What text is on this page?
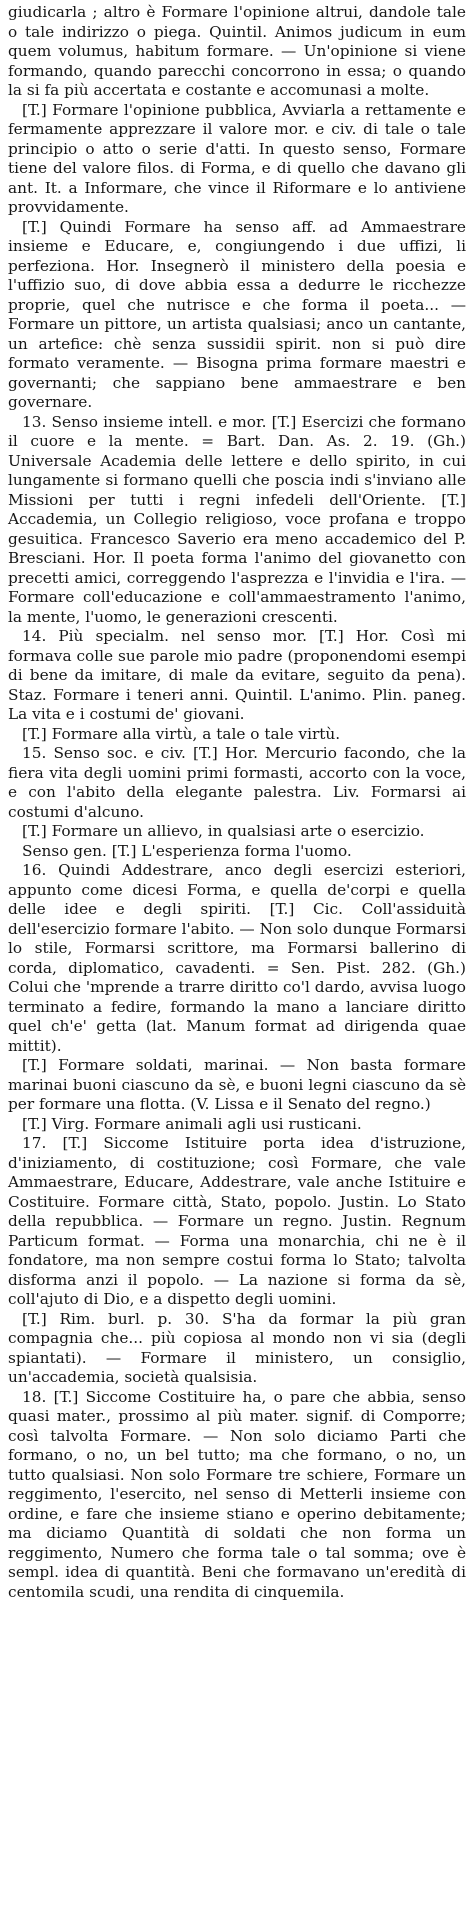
giudicarla ; altro è Formare l'opinione altrui, dandole tale o tale indirizzo o piega. Quintil. Animos judicum in eum quem volumus, habitum formare. — Un'opinione si viene formando, quando parecchi concorrono in essa; o quando la si fa più accertata e costante e accomunasi a molte.

[T.] Formare l'opinione pubblica, Avviarla a rettamente e fermamente apprezzare il valore mor. e civ. di tale o tale principio o atto o serie d'atti. In questo senso, Formare tiene del valore filos. di Forma, e di quello che davano gli ant. It. a Informare, che vince il Riformare e lo antiviene provvidamente.

[T.] Quindi Formare ha senso aff. ad Ammaestrare insieme e Educare, e, congiungendo i due uffizi, li perfeziona. Hor. Insegnerò il ministero della poesia e l'uffizio suo, di dove abbia essa a dedurre le ricchezze proprie, quel che nutrisce e che forma il poeta... — Formare un pittore, un artista qualsiasi; anco un cantante, un artefice: chè senza sussidii spirit. non si può dire formato veramente. — Bisogna prima formare maestri e governanti; che sappiano bene ammaestrare e ben governare.

13. Senso insieme intell. e mor. [T.] Esercizi che formano il cuore e la mente. = Bart. Dan. As. 2. 19. (Gh.) Universale Academia delle lettere e dello spirito, in cui lungamente si formano quelli che poscia indi s'inviano alle Missioni per tutti i regni infedeli dell'Oriente. [T.] Accademia, un Collegio religioso, voce profana e troppo gesuitica. Francesco Saverio era meno accademico del P. Bresciani. Hor. Il poeta forma l'animo del giovanetto con precetti amici, correggendo l'asprezza e l'invidia e l'ira. — Formare coll'educazione e coll'ammaestramento l'animo, la mente, l'uomo, le generazioni crescenti.

14. Più specialm. nel senso mor. [T.] Hor. Così mi formava colle sue parole mio padre (proponendomi esempi di bene da imitare, di male da evitare, seguito da pena). Staz. Formare i teneri anni. Quintil. L'animo. Plin. paneg. La vita e i costumi de' giovani.

[T.] Formare alla virtù, a tale o tale virtù.

15. Senso soc. e civ. [T.] Hor. Mercurio facondo, che la fiera vita degli uomini primi formasti, accorto con la voce, e con l'abito della elegante palestra. Liv. Formarsi ai costumi d'alcuno.

[T.] Formare un allievo, in qualsiasi arte o esercizio.

Senso gen. [T.] L'esperienza forma l'uomo.

16. Quindi Addestrare, anco degli esercizi esteriori, appunto come dicesi Forma, e quella de'corpi e quella delle idee e degli spiriti. [T.] Cic. Coll'assiduità dell'esercizio formare l'abito. — Non solo dunque Formarsi lo stile, Formarsi scrittore, ma Formarsi ballerino di corda, diplomatico, cavadenti. = Sen. Pist. 282. (Gh.) Colui che 'mprende a trarre diritto co'l dardo, avvisa luogo terminato a fedire, formando la mano a lanciare diritto quel ch'e' getta (lat. Manum format ad dirigenda quae mittit).

[T.] Formare soldati, marinai. — Non basta formare marinai buoni ciascuno da sè, e buoni legni ciascuno da sè per formare una flotta. (V. Lissa e il Senato del regno.)

[T.] Virg. Formare animali agli usi rusticani.

17. [T.] Siccome Istituire porta idea d'istruzione, d'iniziamento, di costituzione; così Formare, che vale Ammaestrare, Educare, Addestrare, vale anche Istituire e Costituire. Formare città, Stato, popolo. Justin. Lo Stato della repubblica. — Formare un regno. Justin. Regnum Particum format. — Forma una monarchia, chi ne è il fondatore, ma non sempre costui forma lo Stato; talvolta disforma anzi il popolo. — La nazione si forma da sè, coll'ajuto di Dio, e a dispetto degli uomini.

[T.] Rim. burl. p. 30. S'ha da formar la più gran compagnia che... più copiosa al mondo non vi sia (degli spiantati). — Formare il ministero, un consiglio, un'accademia, società qualsisia.

18. [T.] Siccome Costituire ha, o pare che abbia, senso quasi mater., prossimo al più mater. signif. di Comporre; così talvolta Formare. — Non solo diciamo Parti che formano, o no, un bel tutto; ma che formano, o no, un tutto qualsiasi. Non solo Formare tre schiere, Formare un reggimento, l'esercito, nel senso di Metterli insieme con ordine, e fare che insieme stiano e operino debitamente; ma diciamo Quantità di soldati che non forma un reggimento, Numero che forma tale o tal somma; ove è sempl. idea di quantità. Beni che formavano un'eredità di centomila scudi, una rendita di cinquemila.
